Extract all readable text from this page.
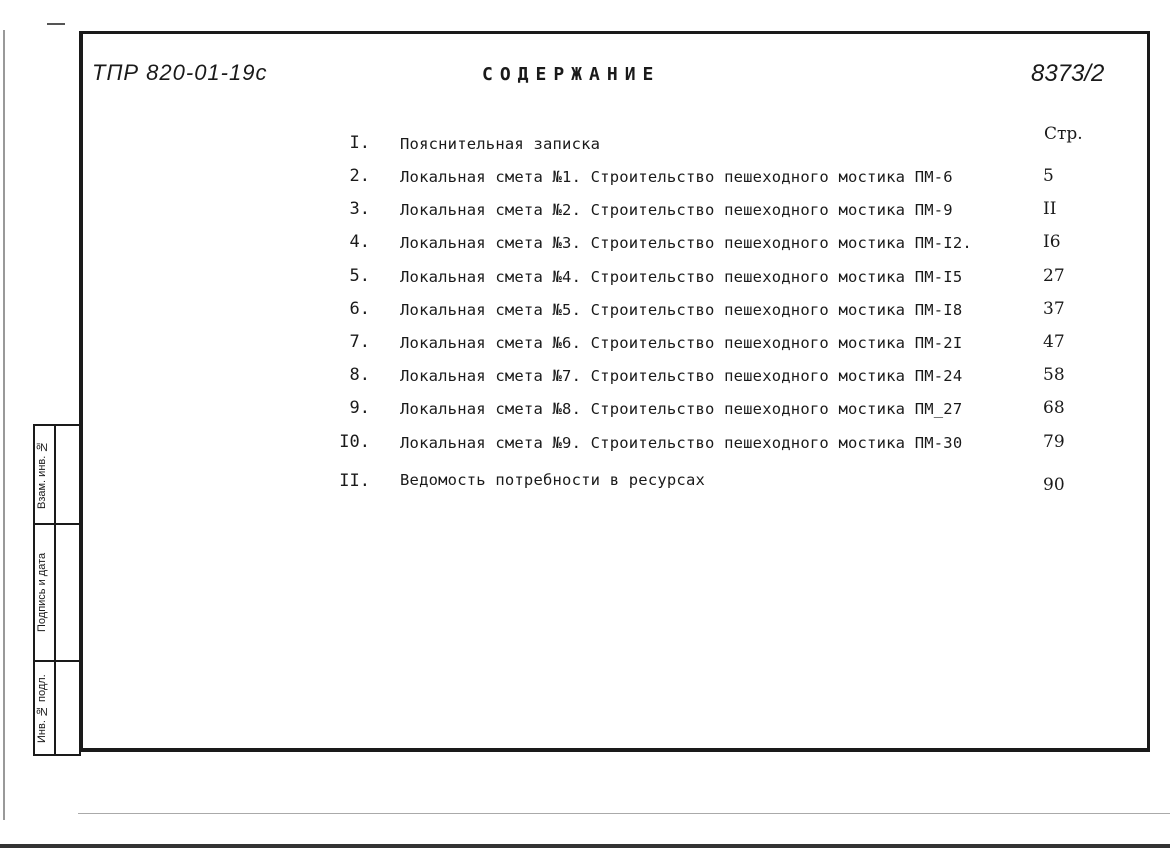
ТПР 820-01-19с	СОДЕРЖАНИЕ	8373/2
Стр.
I. Пояснительная записка
2. Локальная смета №1. Строительство пешеходного мостика ПМ-6	5
3. Локальная смета №2. Строительство пешеходного мостика ПМ-9	II
4. Локальная смета №3. Строительство пешеходного мостика ПМ-I2.	I6
5. Локальная смета №4. Строительство пешеходного мостика ПМ-I5	27
6. Локальная смета №5. Строительство пешеходного мостика ПМ-I8	37
7. Локальная смета №6. Строительство пешеходного мостика ПМ-2I	47
8. Локальная смета №7. Строительство пешеходного мостика ПМ-24	58
9. Локальная смета №8. Строительство пешеходного мостика ПМ_27	68
I0. Локальная смета №9. Строительство пешеходного мостика ПМ-30	79
II. Ведомость потребности в ресурсах	90
Взам. инв. №
Подпись и дата
Инв. № подл.
